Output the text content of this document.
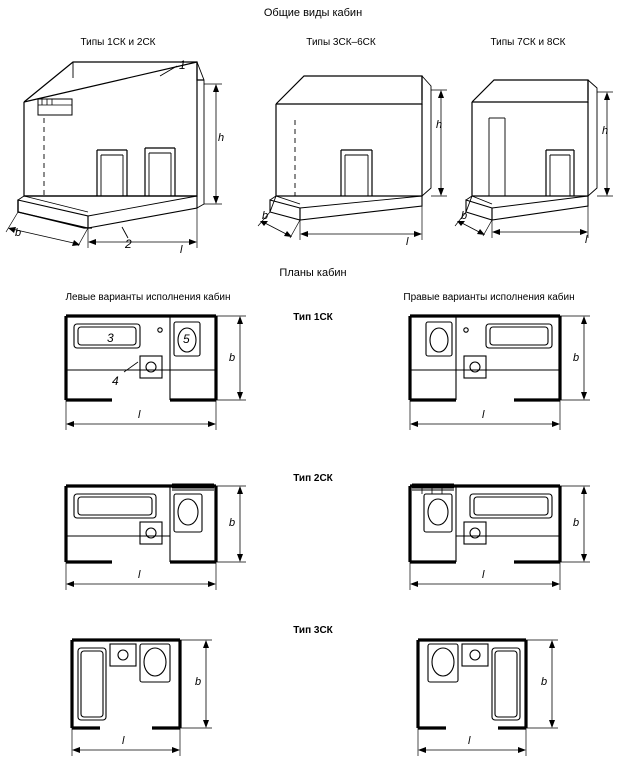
Общие виды кабин
Типы 1СК и 2СК	Типы 3СК–6СК	Типы 7СК и 8СК
1
2
h
l
b
h
l
b
h
l
b
Планы кабин
Левые варианты исполнения кабин	Правые варианты исполнения кабин
Тип 1СК
Тип 2СК
Тип 3СК
3
4
5
b
l
b
l
b
l
b
l
b
l
b
l
